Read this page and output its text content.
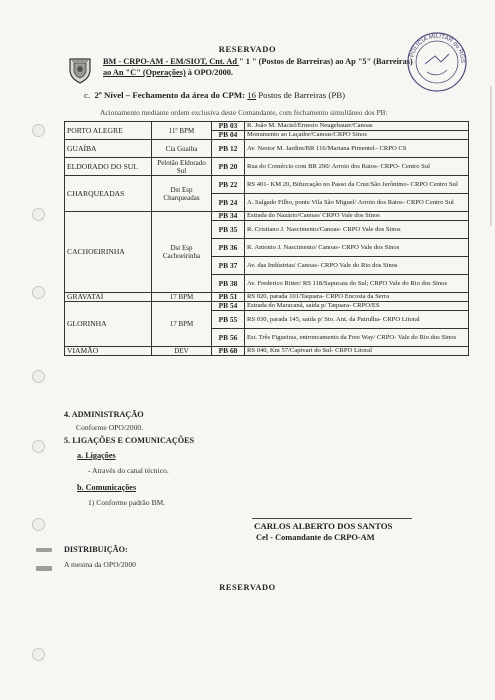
RESERVADO
BM - CRPO-AM - EM/SIOT, Cnt. Ad " 1 " (Postos de Barreiras) ao Ap "5" (Barreiras)
ao An "C" (Operações) à OPO/2000.
POLICIA MILITAR do RGS
c. 2º Nível – Fechamento da área do CPM: 16 Postos de Barreiras (PB)
Acionamento mediante ordem exclusiva deste Comandante, com fechamento simultâneo dos PB:
PORTO ALEGRE	11º BPM	PB 03	R. João M. Maciel/Ernesto Neugebauer/Canoas
		PB 04	Monumento ao Laçador/Canoas/CRPO Sinos
GUAÍBA	Cia Guaiba	PB 12	Av. Nestor M. Jardim/BR 116/Mariana Pimentel– CRPO CS
ELDORADO DO SUL	Pelotão Eldorado Sul	PB 20	Rua do Comércio com BR 290/ Arroio dos Ratos- CRPO- Centro Sul
CHARQUEADAS	Dst Esp Charqueadas	PB 22	RS 401- KM 20, Bifurcação no Passo da Cruz/São Jerônimo- CRPO Centro Sul
		PB 24	A. Salgado Filho, ponte Vila São Miguel/ Arroio dos Ratos- CRPO Centro Sul
CACHOEIRINHA	Dst Esp Cachoeirinha	PB 34	Estrada do Nazário/Canoas/ CRPO Vale dos Sinos
		PB 35	R. Cristiano J. Nascimento/Canoas- CRPO Vale dos Sinos
		PB 36	R. Antonio J. Nascimento/ Canoas- CRPO Vale dos Sinos
		PB 37	Av. das Indústrias/ Canoas- CRPO Vale do Rio dos Sinos
		PB 38	Av. Frederico Ritter/ RS 118/Sapucaia do Sul; CRPO Vale do Rio dos Sinos
GRAVATAÍ	17 BPM	PB 51	RS 020, parada 101/Taquara- CRPO Encosta da Serra
GLORINHA	17 BPM	PB 54	Estrada do Maracanã, saída p/ Taquara- CRPO/ES
		PB 55	RS 030, parada 145, saída p/ Sto. Ant. da Patrulha- CRPO Litoral
		PB 56	Est. Três Figueiras, entroncamento da Free Way/ CRPO- Vale do Rio dos Sinos
VIAMÃO	DEV	PB 68	RS 040, Km 57/Capivari do Sul- CRPO Litoral
4. ADMINISTRAÇÃO
Conforme OPO/2000.
5. LIGAÇÕES E COMUNICAÇÕES
a. Ligações
- Através do canal técnico.
b. Comunicações
1) Conforme padrão BM.
CARLOS ALBERTO DOS SANTOS
Cel - Comandante do CRPO-AM
DISTRIBUIÇÃO:
A mesma da OPO/2000
RESERVADO
